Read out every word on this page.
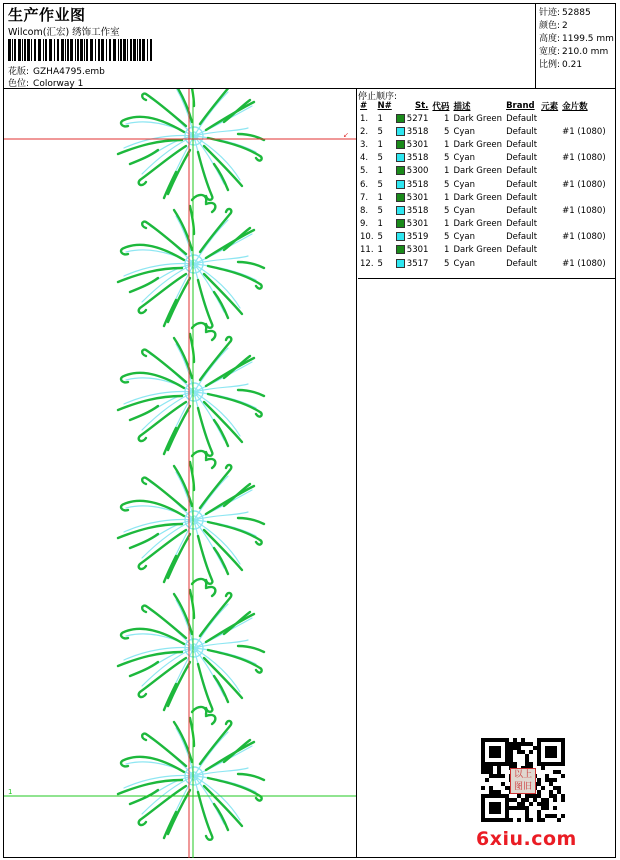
生产作业图
Wilcom(汇宏) 绣饰工作室
花版: GZHA4795.emb
色位: Colorway 1
针迹: 52885
颜色: 2
高度: 1199.5 mm
宽度: 210.0 mm
比例: 0.21
↙
1
停止顺序:
#	N#	St.	代码	描述	Brand	元素	金片数
1.	1	5271	1	Dark Green	Default		
2.	5	3518	5	Cyan	Default		#1 (1080)
3.	1	5301	1	Dark Green	Default		
4.	5	3518	5	Cyan	Default		#1 (1080)
5.	1	5300	1	Dark Green	Default		
6.	5	3518	5	Cyan	Default		#1 (1080)
7.	1	5301	1	Dark Green	Default		
8.	5	3518	5	Cyan	Default		#1 (1080)
9.	1	5301	1	Dark Green	Default		
10.	5	3519	5	Cyan	Default		#1 (1080)
11.	1	5301	1	Dark Green	Default		
12.	5	3517	5	Cyan	Default		#1 (1080)
以上图旧
6xiu.com
